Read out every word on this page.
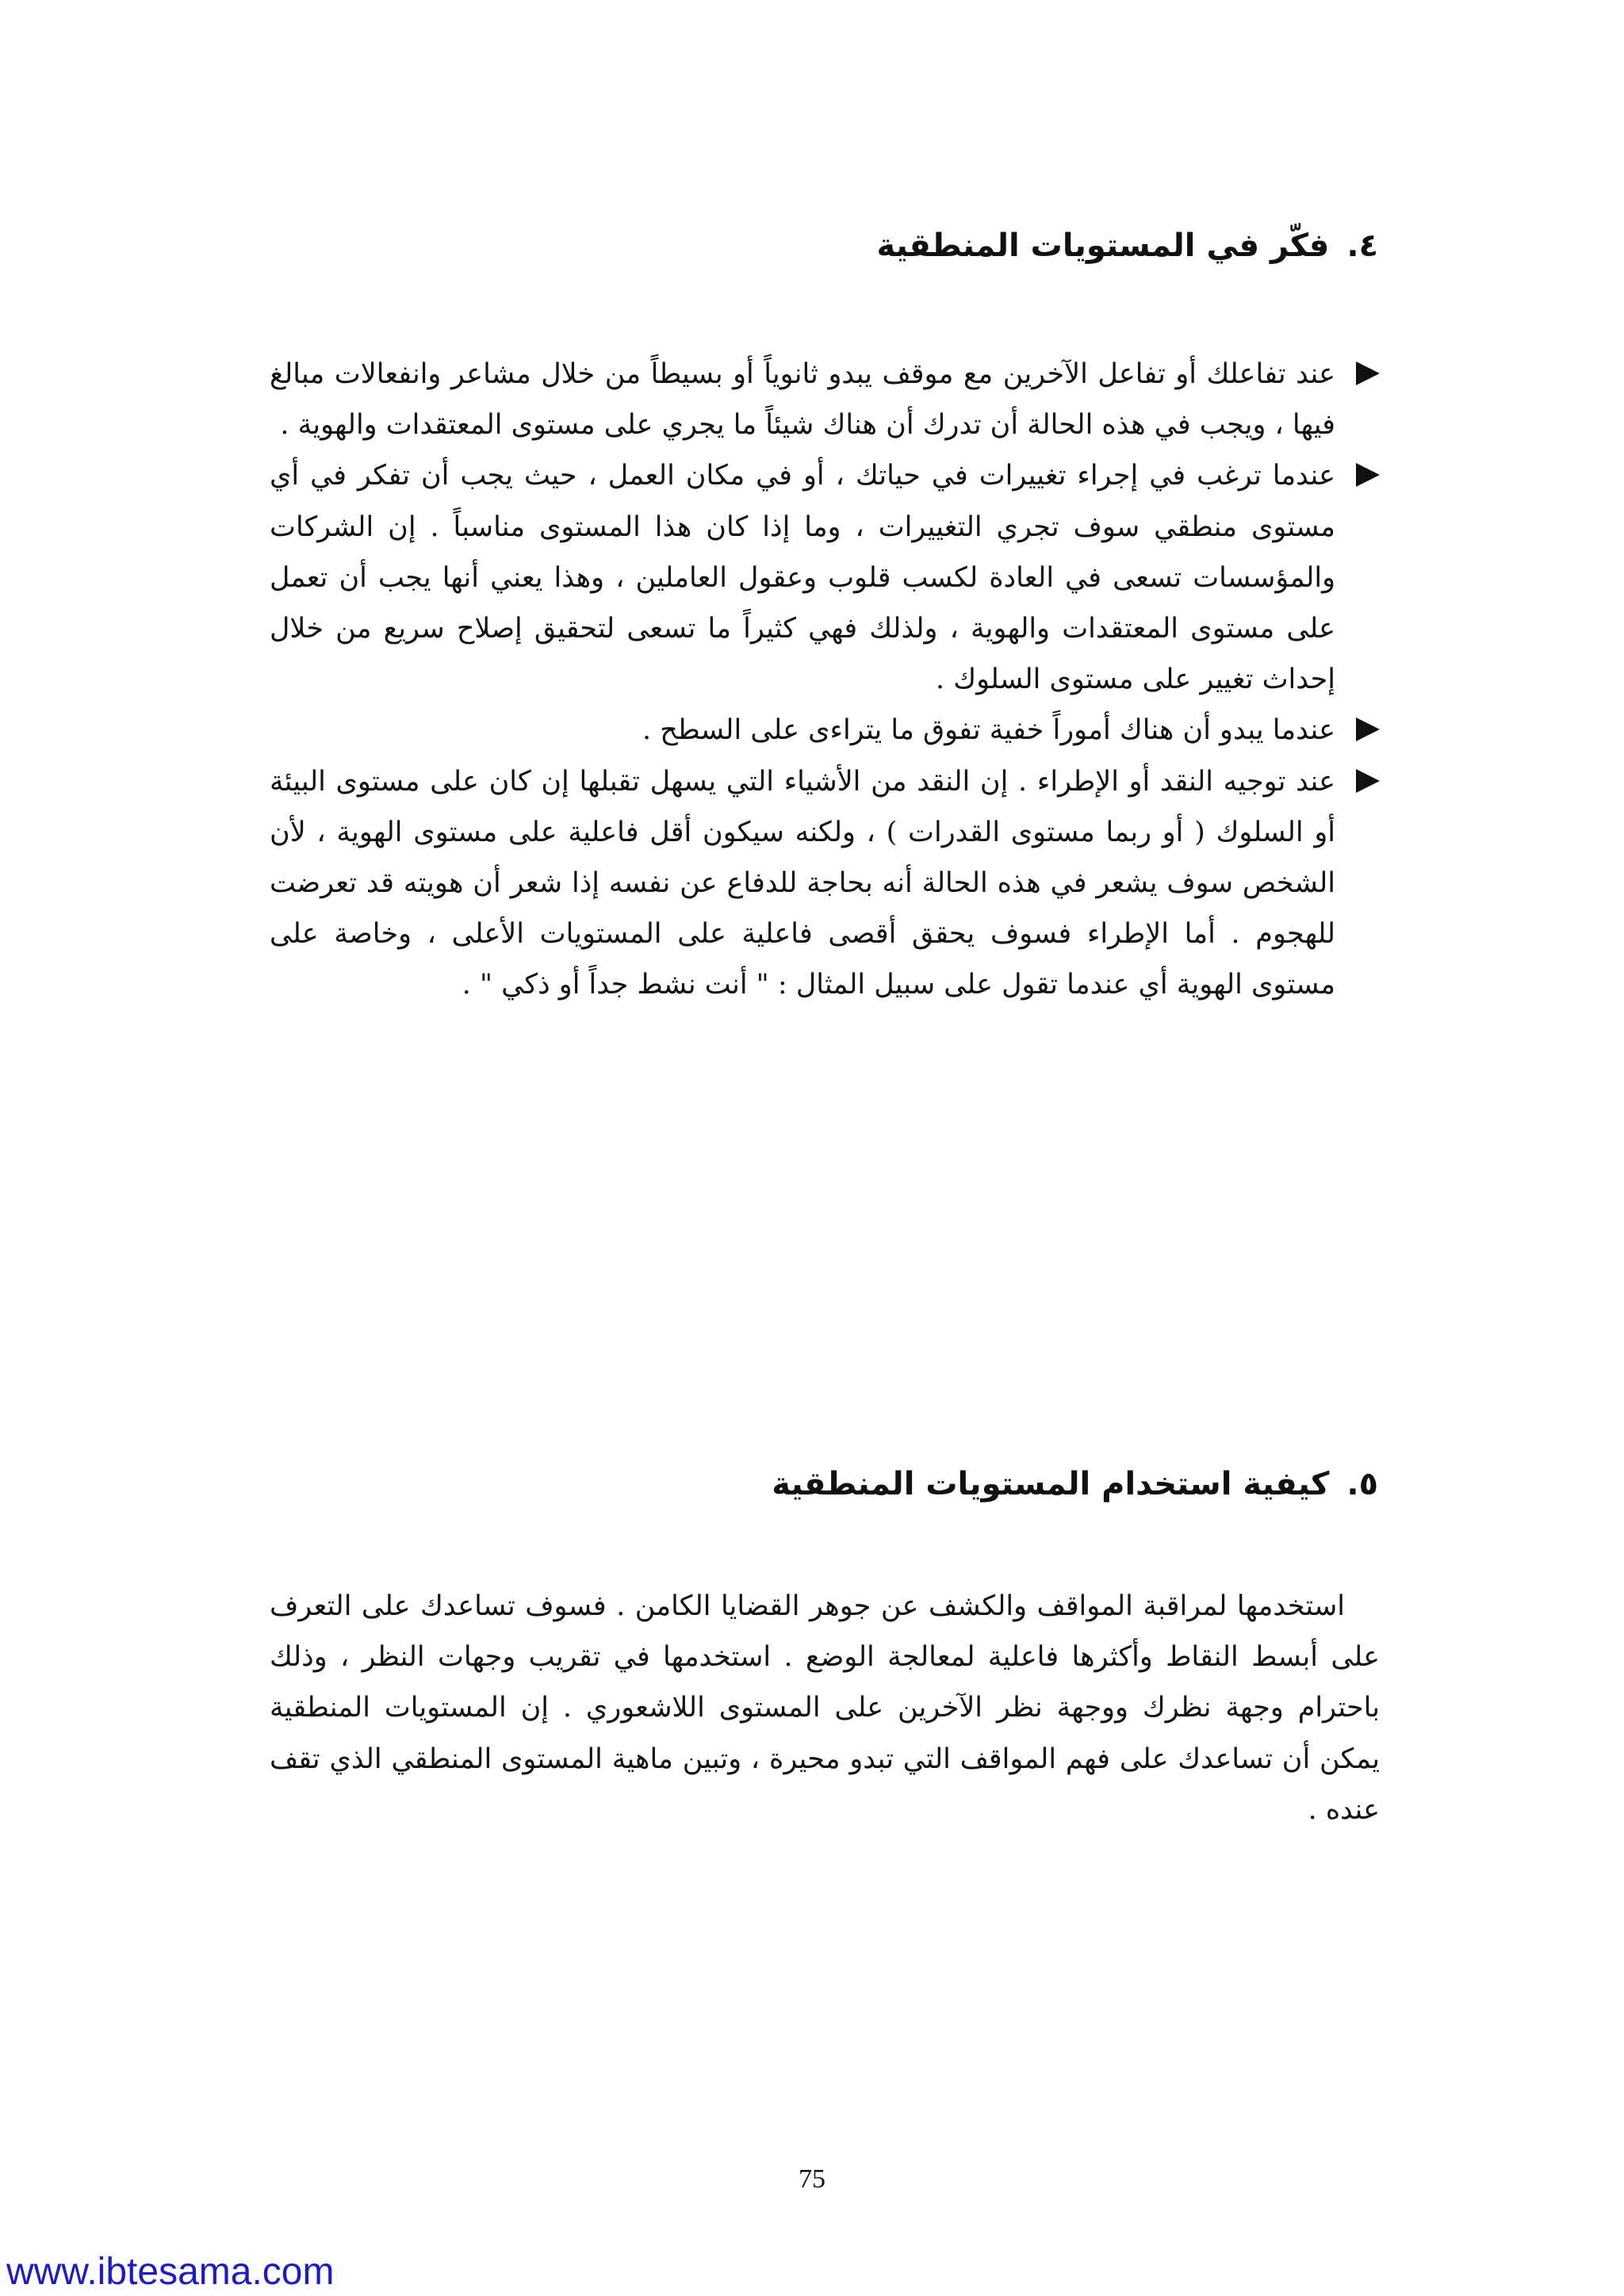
٤.فكّر في المستويات المنطقية
عند تفاعلك أو تفاعل الآخرين مع موقف يبدو ثانوياً أو بسيطاً من خلال مشاعر وانفعالات مبالغ فيها ، ويجب في هذه الحالة أن تدرك أن هناك شيئاً ما يجري على مستوى المعتقدات والهوية .
عندما ترغب في إجراء تغييرات في حياتك ، أو في مكان العمل ، حيث يجب أن تفكر في أي مستوى منطقي سوف تجري التغييرات ، وما إذا كان هذا المستوى مناسباً . إن الشركات والمؤسسات تسعى في العادة لكسب قلوب وعقول العاملين ، وهذا يعني أنها يجب أن تعمل على مستوى المعتقدات والهوية ، ولذلك فهي كثيراً ما تسعى لتحقيق إصلاح سريع من خلال إحداث تغيير على مستوى السلوك .
عندما يبدو أن هناك أموراً خفية تفوق ما يتراءى على السطح .
عند توجيه النقد أو الإطراء . إن النقد من الأشياء التي يسهل تقبلها إن كان على مستوى البيئة أو السلوك ( أو ربما مستوى القدرات ) ، ولكنه سيكون أقل فاعلية على مستوى الهوية ، لأن الشخص سوف يشعر في هذه الحالة أنه بحاجة للدفاع عن نفسه إذا شعر أن هويته قد تعرضت للهجوم . أما الإطراء فسوف يحقق أقصى فاعلية على المستويات الأعلى ، وخاصة على مستوى الهوية أي عندما تقول على سبيل المثال : " أنت نشط جداً أو ذكي " .
٥.كيفية استخدام المستويات المنطقية

استخدمها لمراقبة المواقف والكشف عن جوهر القضايا الكامن . فسوف تساعدك على التعرف على أبسط النقاط وأكثرها فاعلية لمعالجة الوضع . استخدمها في تقريب وجهات النظر ، وذلك باحترام وجهة نظرك ووجهة نظر الآخرين على المستوى اللاشعوري . إن المستويات المنطقية يمكن أن تساعدك على فهم المواقف التي تبدو محيرة ، وتبين ماهية المستوى المنطقي الذي تقف عنده .

75

www.ibtesama.com
